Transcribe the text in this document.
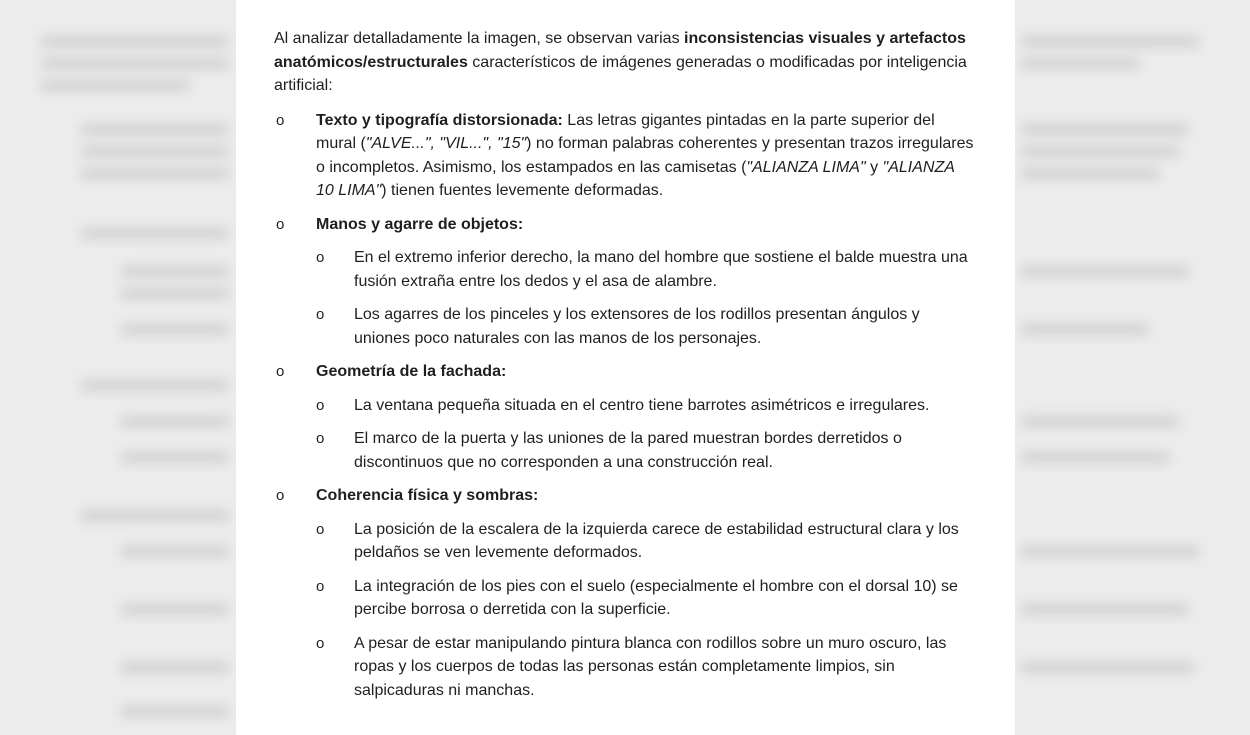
Al analizar detalladamente la imagen, se observan varias inconsistencias visuales y artefactos anatómicos/estructurales característicos de imágenes generadas o modificadas por inteligencia artificial:

o Texto y tipografía distorsionada: Las letras gigantes pintadas en la parte superior del mural ("ALVE...", "VIL...", "15") no forman palabras coherentes y presentan trazos irregulares o incompletos. Asimismo, los estampados en las camisetas ("ALIANZA LIMA" y "ALIANZA 10 LIMA") tienen fuentes levemente deformadas.
o Manos y agarre de objetos:
o En el extremo inferior derecho, la mano del hombre que sostiene el balde muestra una fusión extraña entre los dedos y el asa de alambre.
o Los agarres de los pinceles y los extensores de los rodillos presentan ángulos y uniones poco naturales con las manos de los personajes.
o Geometría de la fachada:
o La ventana pequeña situada en el centro tiene barrotes asimétricos e irregulares.
o El marco de la puerta y las uniones de la pared muestran bordes derretidos o discontinuos que no corresponden a una construcción real.
o Coherencia física y sombras:
o La posición de la escalera de la izquierda carece de estabilidad estructural clara y los peldaños se ven levemente deformados.
o La integración de los pies con el suelo (especialmente el hombre con el dorsal 10) se percibe borrosa o derretida con la superficie.
o A pesar de estar manipulando pintura blanca con rodillos sobre un muro oscuro, las ropas y los cuerpos de todas las personas están completamente limpios, sin salpicaduras ni manchas.
